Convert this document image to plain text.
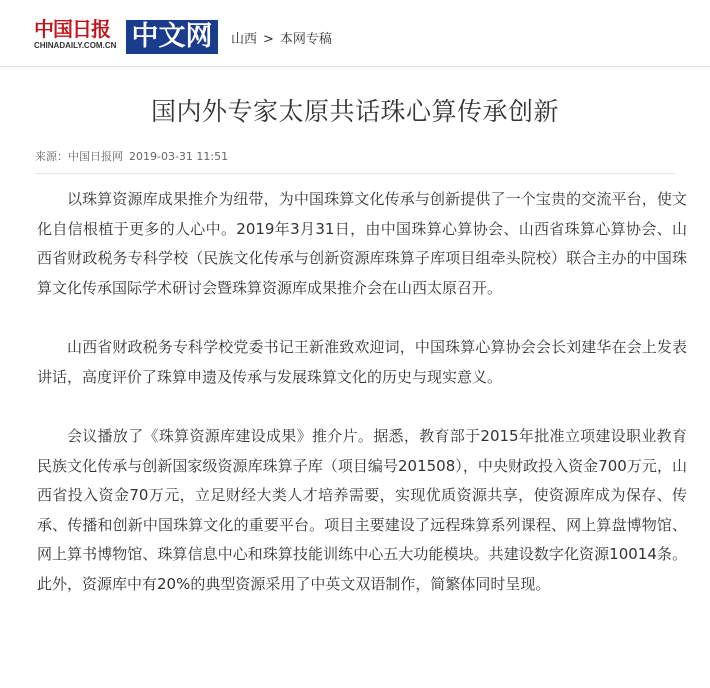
中国日报
CHINADAILY.COM.CN 中文网	山西 > 本网专稿
国内外专家太原共话珠心算传承创新
来源：中国日报网 2019-03-31 11:51

以珠算资源库成果推介为纽带，为中国珠算文化传承与创新提供了一个宝贵的交流平台，使文化自信根植于更多的人心中。2019年3月31日，由中国珠算心算协会、山西省珠算心算协会、山西省财政税务专科学校（民族文化传承与创新资源库珠算子库项目组牵头院校）联合主办的中国珠算文化传承国际学术研讨会暨珠算资源库成果推介会在山西太原召开。

山西省财政税务专科学校党委书记王新淮致欢迎词，中国珠算心算协会会长刘建华在会上发表讲话，高度评价了珠算申遗及传承与发展珠算文化的历史与现实意义。

会议播放了《珠算资源库建设成果》推介片。据悉，教育部于2015年批准立项建设职业教育民族文化传承与创新国家级资源库珠算子库（项目编号201508），中央财政投入资金700万元，山西省投入资金70万元，立足财经大类人才培养需要，实现优质资源共享，使资源库成为保存、传承、传播和创新中国珠算文化的重要平台。项目主要建设了远程珠算系列课程、网上算盘博物馆、网上算书博物馆、珠算信息中心和珠算技能训练中心五大功能模块。共建设数字化资源10014条。此外，资源库中有20%的典型资源采用了中英文双语制作，简繁体同时呈现。
